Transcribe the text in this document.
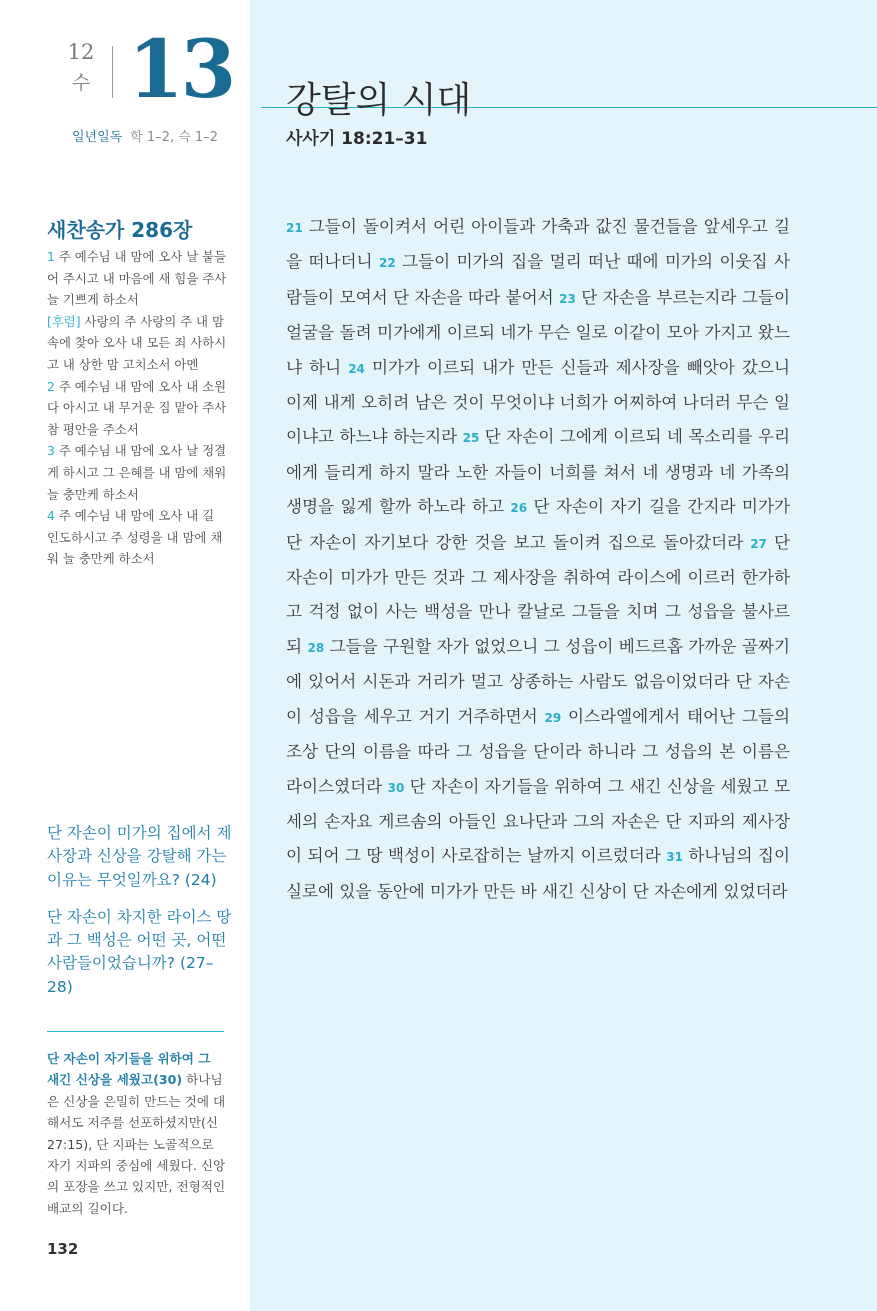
12
수 13
일년일독 학 1–2, 슥 1–2
새찬송가 286장
1 주 예수님 내 맘에 오사 날 붙들어 주시고 내 마음에 새 힘을 주사 늘 기쁘게 하소서
[후렴] 사랑의 주 사랑의 주 내 맘속에 찾아 오사 내 모든 죄 사하시고 내 상한 맘 고치소서 아멘
2 주 예수님 내 맘에 오사 내 소원 다 아시고 내 무거운 짐 맡아 주사 참 평안을 주소서
3 주 예수님 내 맘에 오사 날 정결게 하시고 그 은혜를 내 맘에 채워 늘 충만케 하소서
4 주 예수님 내 맘에 오사 내 길 인도하시고 주 성령을 내 맘에 채워 늘 충만케 하소서

단 자손이 미가의 집에서 제사장과 신상을 강탈해 가는 이유는 무엇일까요? (24)

단 자손이 차지한 라이스 땅과 그 백성은 어떤 곳, 어떤 사람들이었습니까? (27–28)

단 자손이 자기들을 위하여 그 새긴 신상을 세웠고(30) 하나님은 신상을 은밀히 만드는 것에 대해서도 저주를 선포하셨지만(신 27:15), 단 지파는 노골적으로 자기 지파의 중심에 세웠다. 신앙의 포장을 쓰고 있지만, 전형적인 배교의 길이다.
132
강탈의 시대
사사기 18:21–31

21 그들이 돌이켜서 어린 아이들과 가축과 값진 물건들을 앞세우고 길을 떠나더니 22 그들이 미가의 집을 멀리 떠난 때에 미가의 이웃집 사람들이 모여서 단 자손을 따라 붙어서 23 단 자손을 부르는지라 그들이 얼굴을 돌려 미가에게 이르되 네가 무슨 일로 이같이 모아 가지고 왔느냐 하니 24 미가가 이르되 내가 만든 신들과 제사장을 빼앗아 갔으니 이제 내게 오히려 남은 것이 무엇이냐 너희가 어찌하여 나더러 무슨 일이냐고 하느냐 하는지라 25 단 자손이 그에게 이르되 네 목소리를 우리에게 들리게 하지 말라 노한 자들이 너희를 쳐서 네 생명과 네 가족의 생명을 잃게 할까 하노라 하고 26 단 자손이 자기 길을 간지라 미가가 단 자손이 자기보다 강한 것을 보고 돌이켜 집으로 돌아갔더라 27 단 자손이 미가가 만든 것과 그 제사장을 취하여 라이스에 이르러 한가하고 걱정 없이 사는 백성을 만나 칼날로 그들을 치며 그 성읍을 불사르되 28 그들을 구원할 자가 없었으니 그 성읍이 베드르홉 가까운 골짜기에 있어서 시돈과 거리가 멀고 상종하는 사람도 없음이었더라 단 자손이 성읍을 세우고 거기 거주하면서 29 이스라엘에게서 태어난 그들의 조상 단의 이름을 따라 그 성읍을 단이라 하니라 그 성읍의 본 이름은 라이스였더라 30 단 자손이 자기들을 위하여 그 새긴 신상을 세웠고 모세의 손자요 게르솜의 아들인 요나단과 그의 자손은 단 지파의 제사장이 되어 그 땅 백성이 사로잡히는 날까지 이르렀더라 31 하나님의 집이 실로에 있을 동안에 미가가 만든 바 새긴 신상이 단 자손에게 있었더라
